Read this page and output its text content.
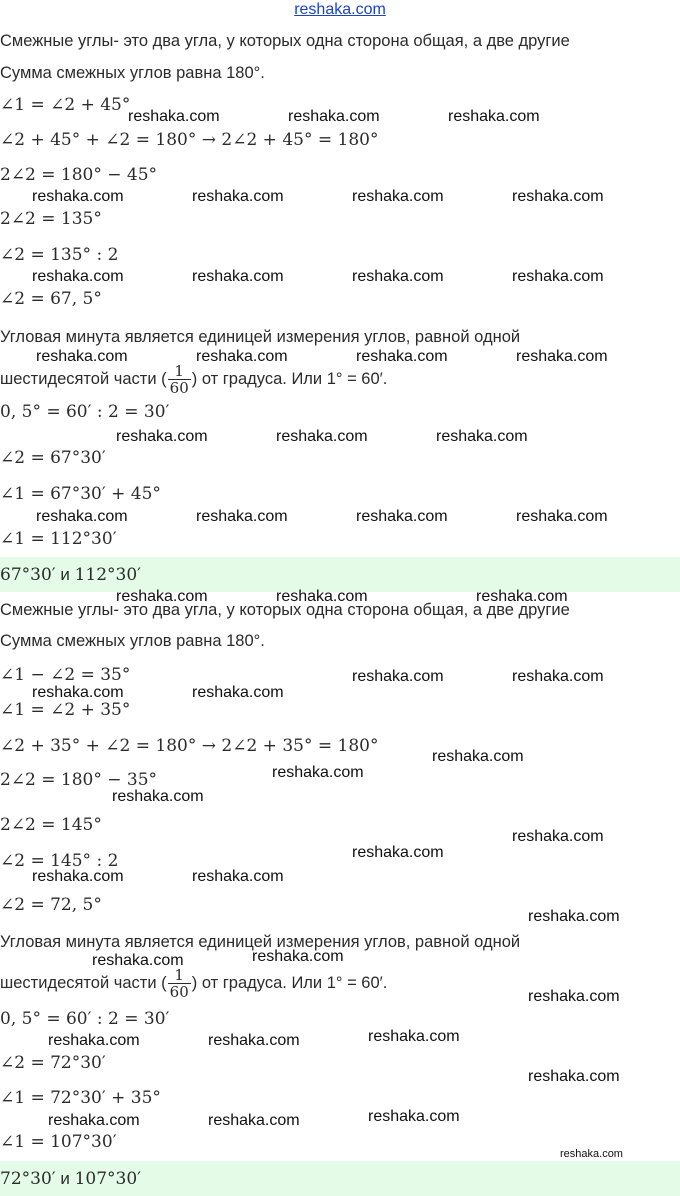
reshaka.com
Смежные углы- это два угла, у которых одна сторона общая, а две другие
Сумма смежных углов равна 180°.
∠1 = ∠2 + 45°
∠2 + 45° + ∠2 = 180° → 2∠2 + 45° = 180°
2∠2 = 180° − 45°
2∠2 = 135°
∠2 = 135° : 2
∠2 = 67, 5°
Угловая минута является единицей измерения углов, равной одной
шестидесятой части ( $\frac{1}{60}$ ) от градуса. Или 1° = 60′.
0, 5° = 60′ : 2 = 30′
∠2 = 67°30′
∠1 = 67°30′ + 45°
∠1 = 112°30′
67°30′ и 112°30′
Смежные углы- это два угла, у которых одна сторона общая, а две другие
Сумма смежных углов равна 180°.
∠1 − ∠2 = 35°
∠1 = ∠2 + 35°
∠2 + 35° + ∠2 = 180° → 2∠2 + 35° = 180°
2∠2 = 180° − 35°
2∠2 = 145°
∠2 = 145° : 2
∠2 = 72, 5°
Угловая минута является единицей измерения углов, равной одной
шестидесятой части ( $\frac{1}{60}$ ) от градуса. Или 1° = 60′.
0, 5° = 60′ : 2 = 30′
∠2 = 72°30′
∠1 = 72°30′ + 35°
∠1 = 107°30′
72°30′ и 107°30′
reshaka.com	reshaka.com	reshaka.com
reshaka.com	reshaka.com	reshaka.com	reshaka.com
reshaka.com	reshaka.com	reshaka.com	reshaka.com
reshaka.com	reshaka.com	reshaka.com	reshaka.com
reshaka.com	reshaka.com	reshaka.com
reshaka.com	reshaka.com	reshaka.com	reshaka.com
reshaka.com	reshaka.com	reshaka.com
reshaka.com	reshaka.com
reshaka.com	reshaka.com
reshaka.com
reshaka.com
reshaka.com
reshaka.com
reshaka.com
reshaka.com	reshaka.com
reshaka.com
reshaka.com
reshaka.com
reshaka.com
reshaka.com
reshaka.com	reshaka.com
reshaka.com
reshaka.com
reshaka.com	reshaka.com
reshaka.com
